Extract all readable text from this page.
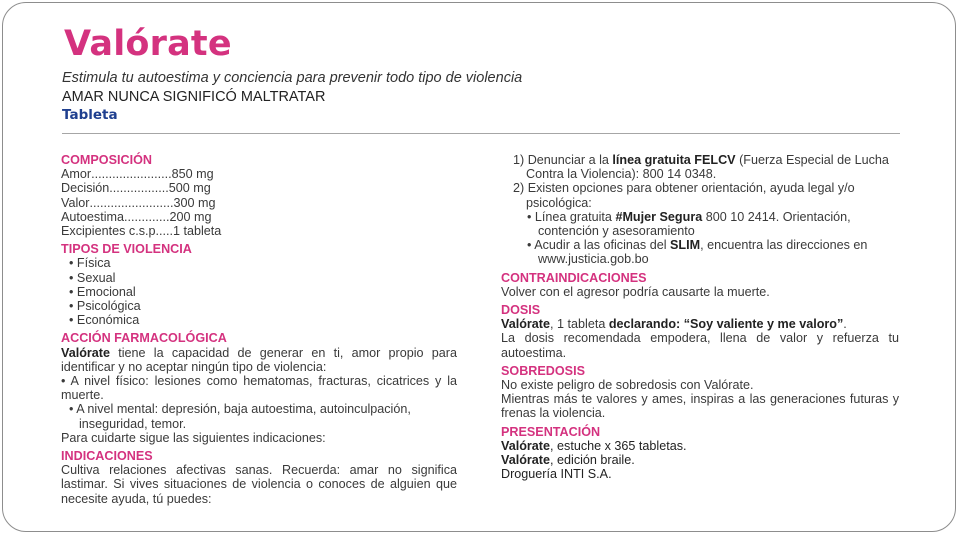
Valórate
Estimula tu autoestima y conciencia para prevenir todo tipo de violencia
AMAR NUNCA SIGNIFICÓ MALTRATAR
Tableta
COMPOSICIÓN
Amor ....................... 850 mg
Decisión ................. 500 mg
Valor ........................ 300 mg
Autoestima ............. 200 mg
Excipientes c.s.p. .... 1 tableta
TIPOS DE VIOLENCIA
• Física
• Sexual
• Emocional
• Psicológica
• Económica
ACCIÓN FARMACOLÓGICA
Valórate tiene la capacidad de generar en ti, amor propio para identificar y no aceptar ningún tipo de violencia:
• A nivel físico: lesiones como hematomas, fracturas, cicatrices y la muerte.
• A nivel mental: depresión, baja autoestima, autoinculpación,
inseguridad, temor.
Para cuidarte sigue las siguientes indicaciones:
INDICACIONES
Cultiva relaciones afectivas sanas. Recuerda: amar no significa lastimar. Si vives situaciones de violencia o conoces de alguien que necesite ayuda, tú puedes:
1) Denunciar a la línea gratuita FELCV (Fuerza Especial de Lucha
Contra la Violencia): 800 14 0348.
2) Existen opciones para obtener orientación, ayuda legal y/o
psicológica:
• Línea gratuita #Mujer Segura 800 10 2414. Orientación,
contención y asesoramiento
• Acudir a las oficinas del SLIM, encuentra las direcciones en
www.justicia.gob.bo
CONTRAINDICACIONES
Volver con el agresor podría causarte la muerte.
DOSIS
Valórate, 1 tableta declarando: “Soy valiente y me valoro”.
La dosis recomendada empodera, llena de valor y refuerza tu autoestima.
SOBREDOSIS
No existe peligro de sobredosis con Valórate.
Mientras más te valores y ames, inspiras a las generaciones futuras y frenas la violencia.
PRESENTACIÓN
Valórate, estuche x 365 tabletas.
Valórate, edición braile.
Droguería INTI S.A.
